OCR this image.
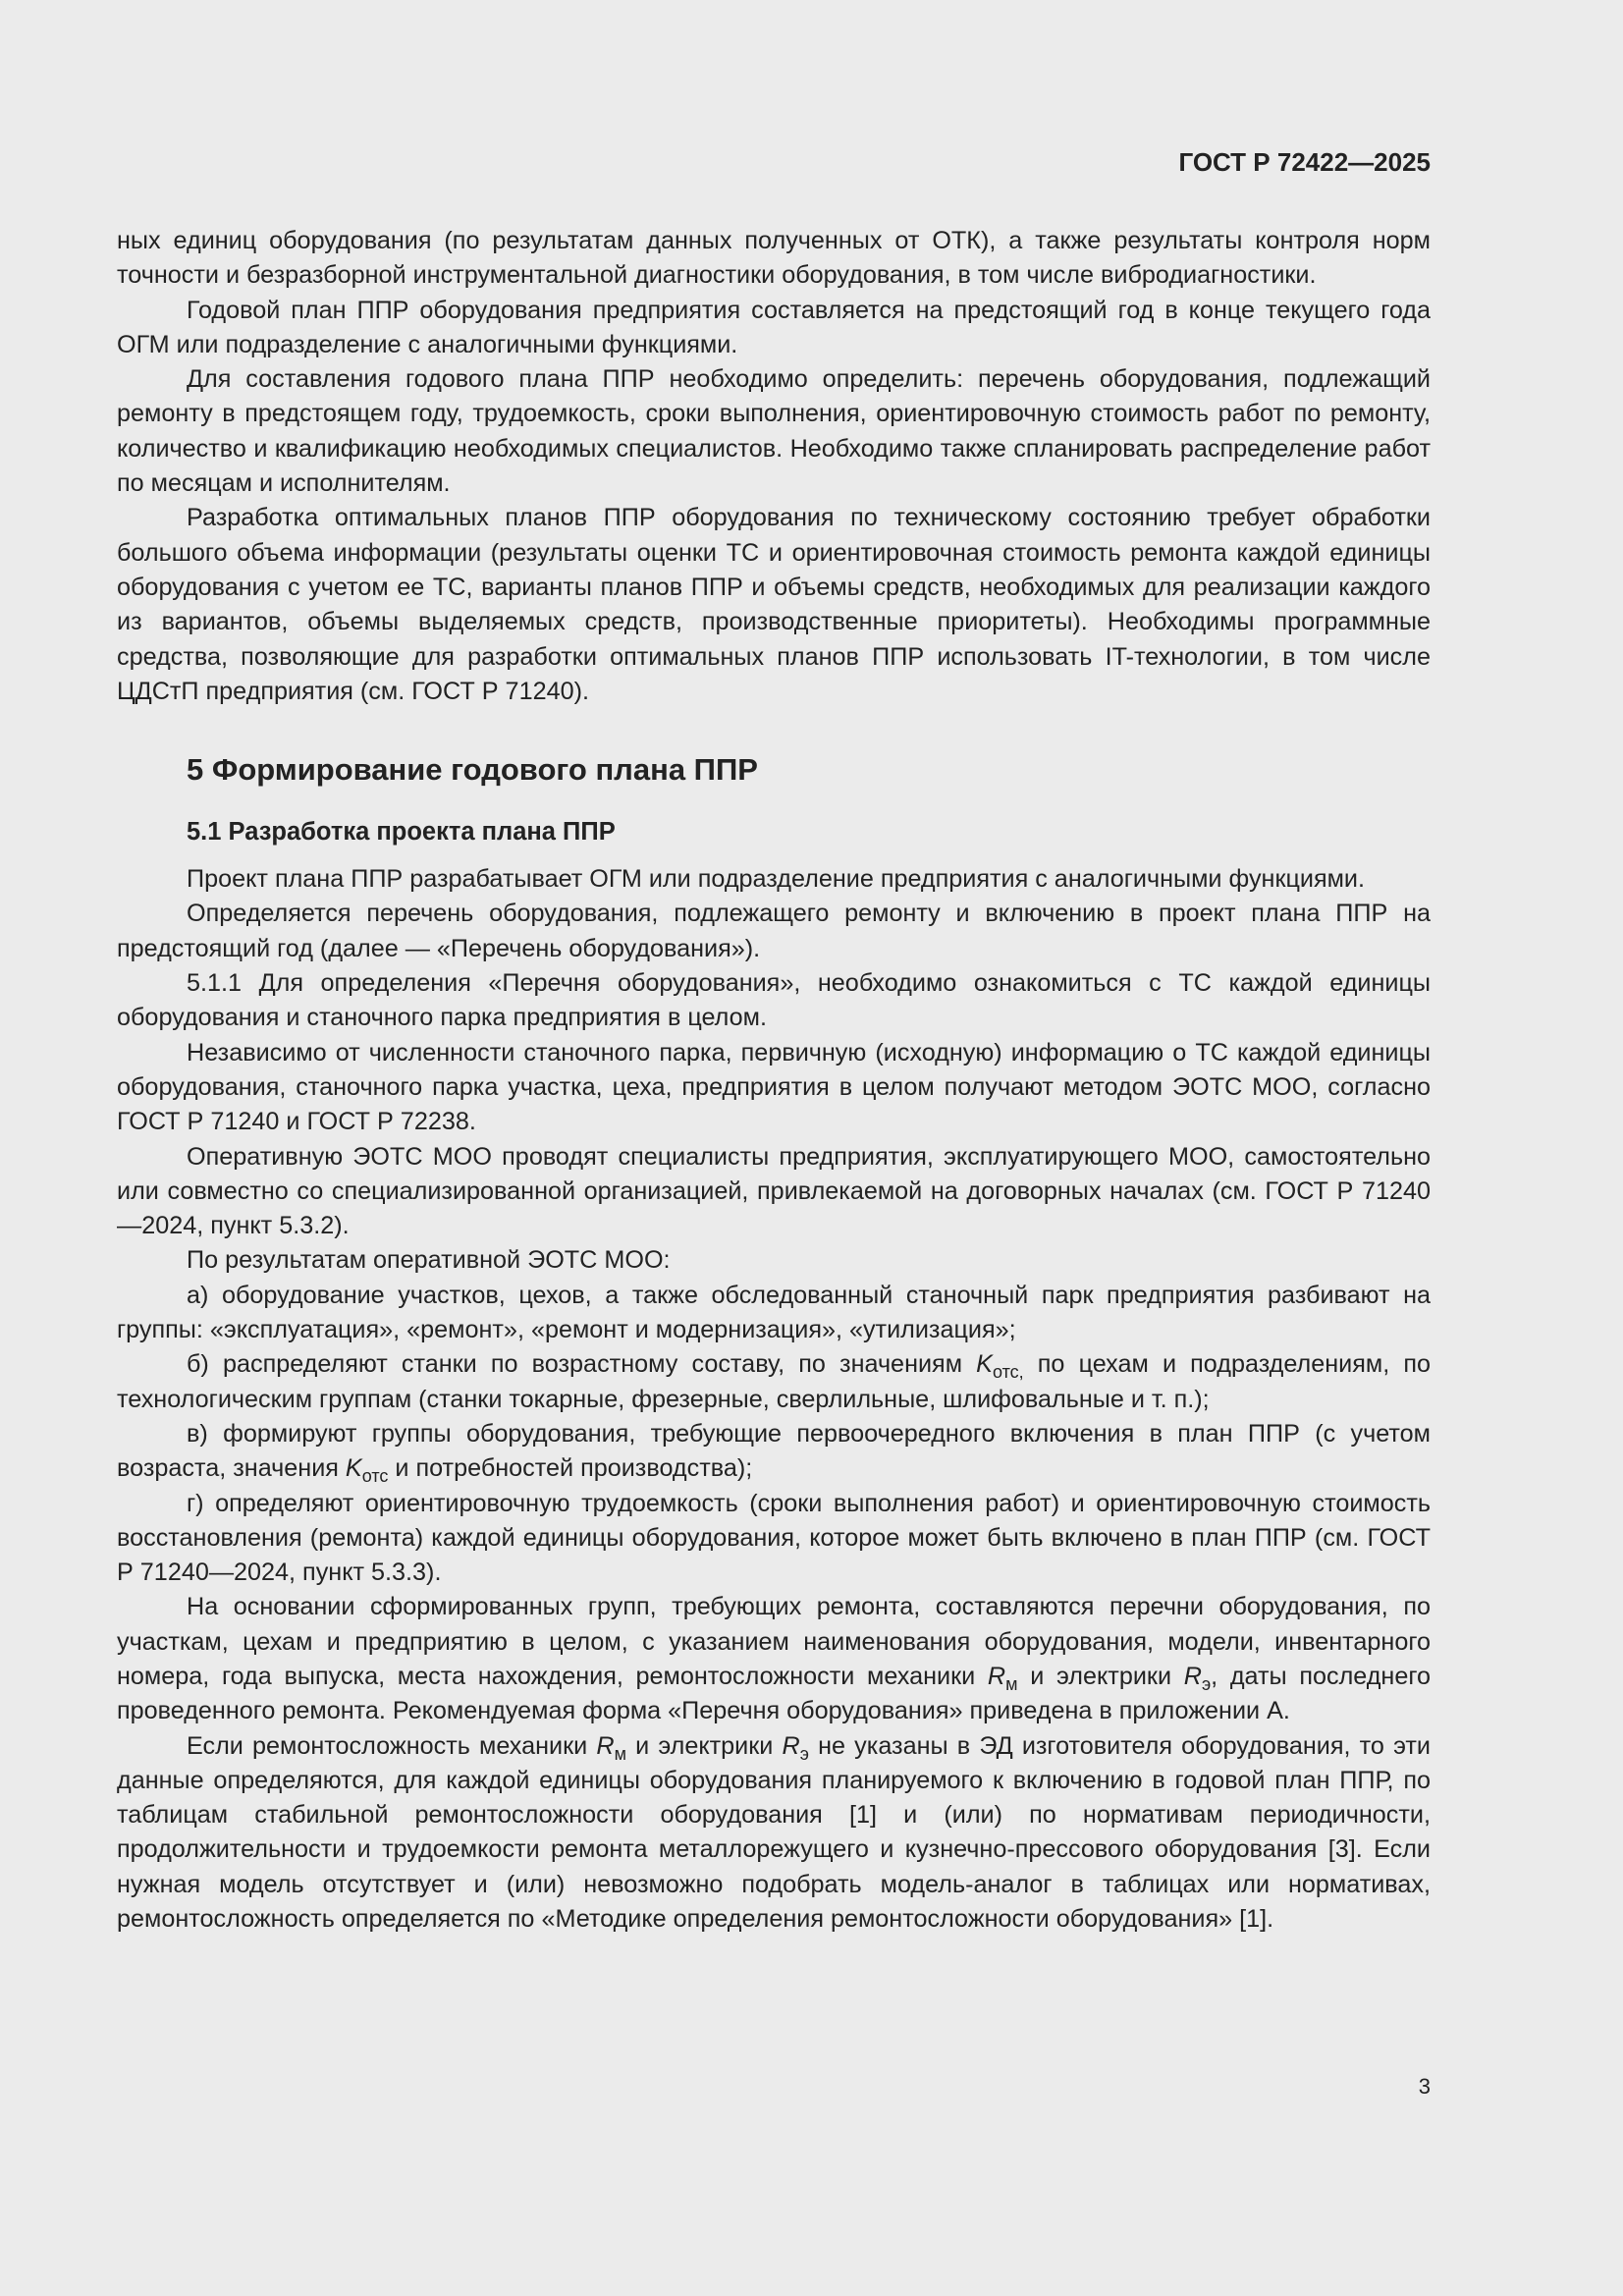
ГОСТ Р 72422—2025

ных единиц оборудования (по результатам данных полученных от ОТК), а также результаты контроля норм точности и безразборной инструментальной диагностики оборудования, в том числе вибродиагностики.

Годовой план ППР оборудования предприятия составляется на предстоящий год в конце текущего года ОГМ или подразделение с аналогичными функциями.

Для составления годового плана ППР необходимо определить: перечень оборудования, подлежащий ремонту в предстоящем году, трудоемкость, сроки выполнения, ориентировочную стоимость работ по ремонту, количество и квалификацию необходимых специалистов. Необходимо также спланировать распределение работ по месяцам и исполнителям.

Разработка оптимальных планов ППР оборудования по техническому состоянию требует обработки большого объема информации (результаты оценки ТС и ориентировочная стоимость ремонта каждой единицы оборудования с учетом ее ТС, варианты планов ППР и объемы средств, необходимых для реализации каждого из вариантов, объемы выделяемых средств, производственные приоритеты). Необходимы программные средства, позволяющие для разработки оптимальных планов ППР использовать IT-технологии, в том числе ЦДСтП предприятия (см. ГОСТ Р 71240).

5 Формирование годового плана ППР
5.1 Разработка проекта плана ППР

Проект плана ППР разрабатывает ОГМ или подразделение предприятия с аналогичными функциями.

Определяется перечень оборудования, подлежащего ремонту и включению в проект плана ППР на предстоящий год (далее — «Перечень оборудования»).

5.1.1 Для определения «Перечня оборудования», необходимо ознакомиться с ТС каждой единицы оборудования и станочного парка предприятия в целом.

Независимо от численности станочного парка, первичную (исходную) информацию о ТС каждой единицы оборудования, станочного парка участка, цеха, предприятия в целом получают методом ЭОТС МОО, согласно ГОСТ Р 71240 и ГОСТ Р 72238.

Оперативную ЭОТС МОО проводят специалисты предприятия, эксплуатирующего МОО, самостоятельно или совместно со специализированной организацией, привлекаемой на договорных началах (см. ГОСТ Р 71240—2024, пункт 5.3.2).

По результатам оперативной ЭОТС МОО:

а) оборудование участков, цехов, а также обследованный станочный парк предприятия разбивают на группы: «эксплуатация», «ремонт», «ремонт и модернизация», «утилизация»;

б) распределяют станки по возрастному составу, по значениям $K_{отс,}$ по цехам и подразделениям, по технологическим группам (станки токарные, фрезерные, сверлильные, шлифовальные и т. п.);

в) формируют группы оборудования, требующие первоочередного включения в план ППР (с учетом возраста, значения $K_{отс}$ и потребностей производства);

г) определяют ориентировочную трудоемкость (сроки выполнения работ) и ориентировочную стоимость восстановления (ремонта) каждой единицы оборудования, которое может быть включено в план ППР (см. ГОСТ Р 71240—2024, пункт 5.3.3).

На основании сформированных групп, требующих ремонта, составляются перечни оборудования, по участкам, цехам и предприятию в целом, с указанием наименования оборудования, модели, инвентарного номера, года выпуска, места нахождения, ремонтосложности механики $R_м$ и электрики $R_э$, даты последнего проведенного ремонта. Рекомендуемая форма «Перечня оборудования» приведена в приложении А.

Если ремонтосложность механики $R_м$ и электрики $R_э$ не указаны в ЭД изготовителя оборудования, то эти данные определяются, для каждой единицы оборудования планируемого к включению в годовой план ППР, по таблицам стабильной ремонтосложности оборудования [1] и (или) по нормативам периодичности, продолжительности и трудоемкости ремонта металлорежущего и кузнечно-прессового оборудования [3]. Если нужная модель отсутствует и (или) невозможно подобрать модель-аналог в таблицах или нормативах, ремонтосложность определяется по «Методике определения ремонтосложности оборудования» [1].

3
